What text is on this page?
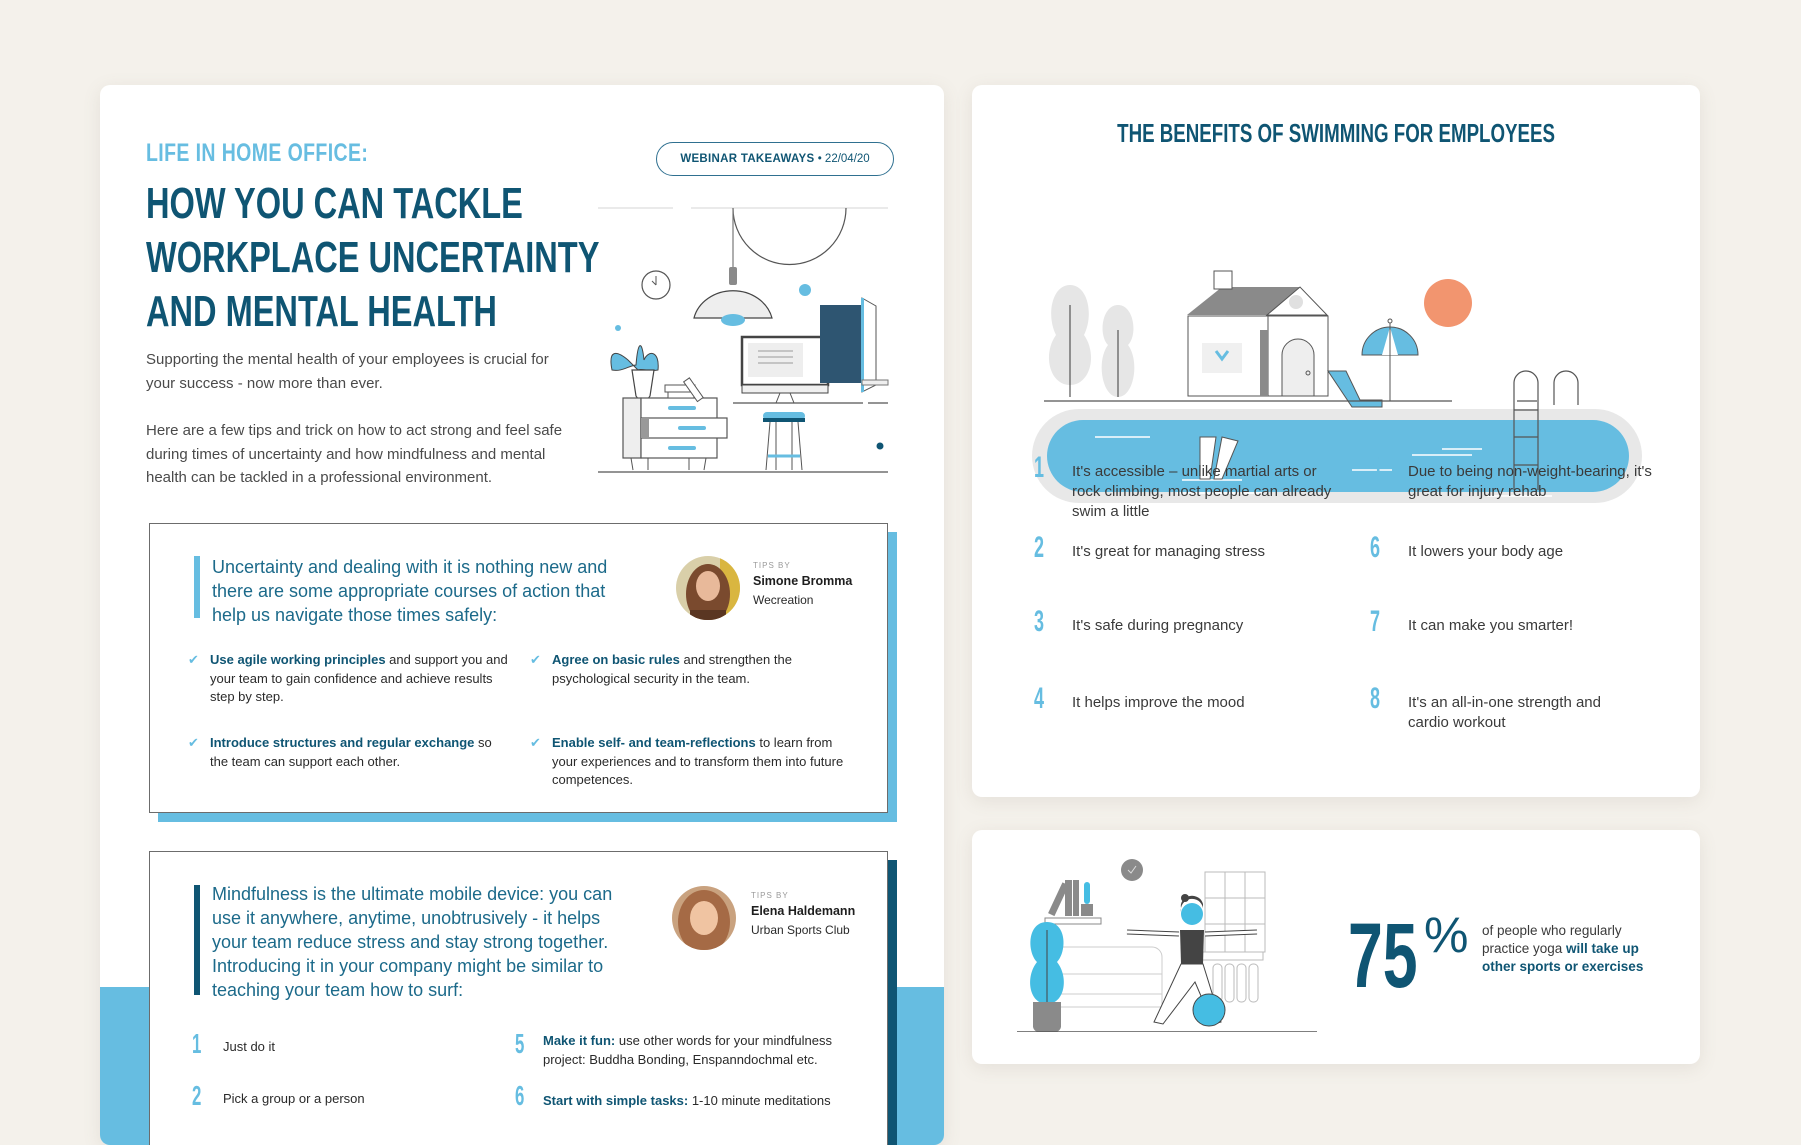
LIFE IN HOME OFFICE:
HOW YOU CAN TACKLE
WORKPLACE UNCERTAINTY
AND MENTAL HEALTH
WEBINAR TAKEAWAYS
•
22/04/20
Supporting the mental health of your employees is crucial for your success - now more than ever.
Here are a few tips and trick on how to act strong and feel safe during times of uncertainty and how mindfulness and mental health can be tackled in a professional environment.
Uncertainty and dealing with it is nothing new and there are some appropriate courses of action that help us navigate those times safely:
TIPS BY
Simone Bromma
Wecreation
✔ Use agile working principles and support you and your team to gain confidence and achieve results step by step.
✔ Agree on basic rules and strengthen the psychological security in the team.
✔ Introduce structures and regular exchange so the team can support each other.
✔ Enable self- and team-reflections to learn from your experiences and to transform them into future competences.
Mindfulness is the ultimate mobile device: you can use it anywhere, anytime, unobtrusively - it helps your team reduce stress and stay strong together. Introducing it in your company might be similar to teaching your team how to surf:
TIPS BY
Elena Haldemann
Urban Sports Club
1 Just do it
2 Pick a group or a person
5 Make it fun: use other words for your mindfulness project: Buddha Bonding, Enspanndochmal etc.
6 Start with simple tasks: 1-10 minute meditations
THE BENEFITS OF SWIMMING FOR EMPLOYEES
1 It's accessible – unlike martial arts or rock climbing, most people can already swim a little
2 It's great for managing stress
3 It's safe during pregnancy
4 It helps improve the mood
5 Due to being non-weight-bearing, it's great for injury rehab
6 It lowers your body age
7 It can make you smarter!
8 It's an all-in-one strength and cardio workout
75 % of people who regularly practice yoga will take up other sports or exercises
